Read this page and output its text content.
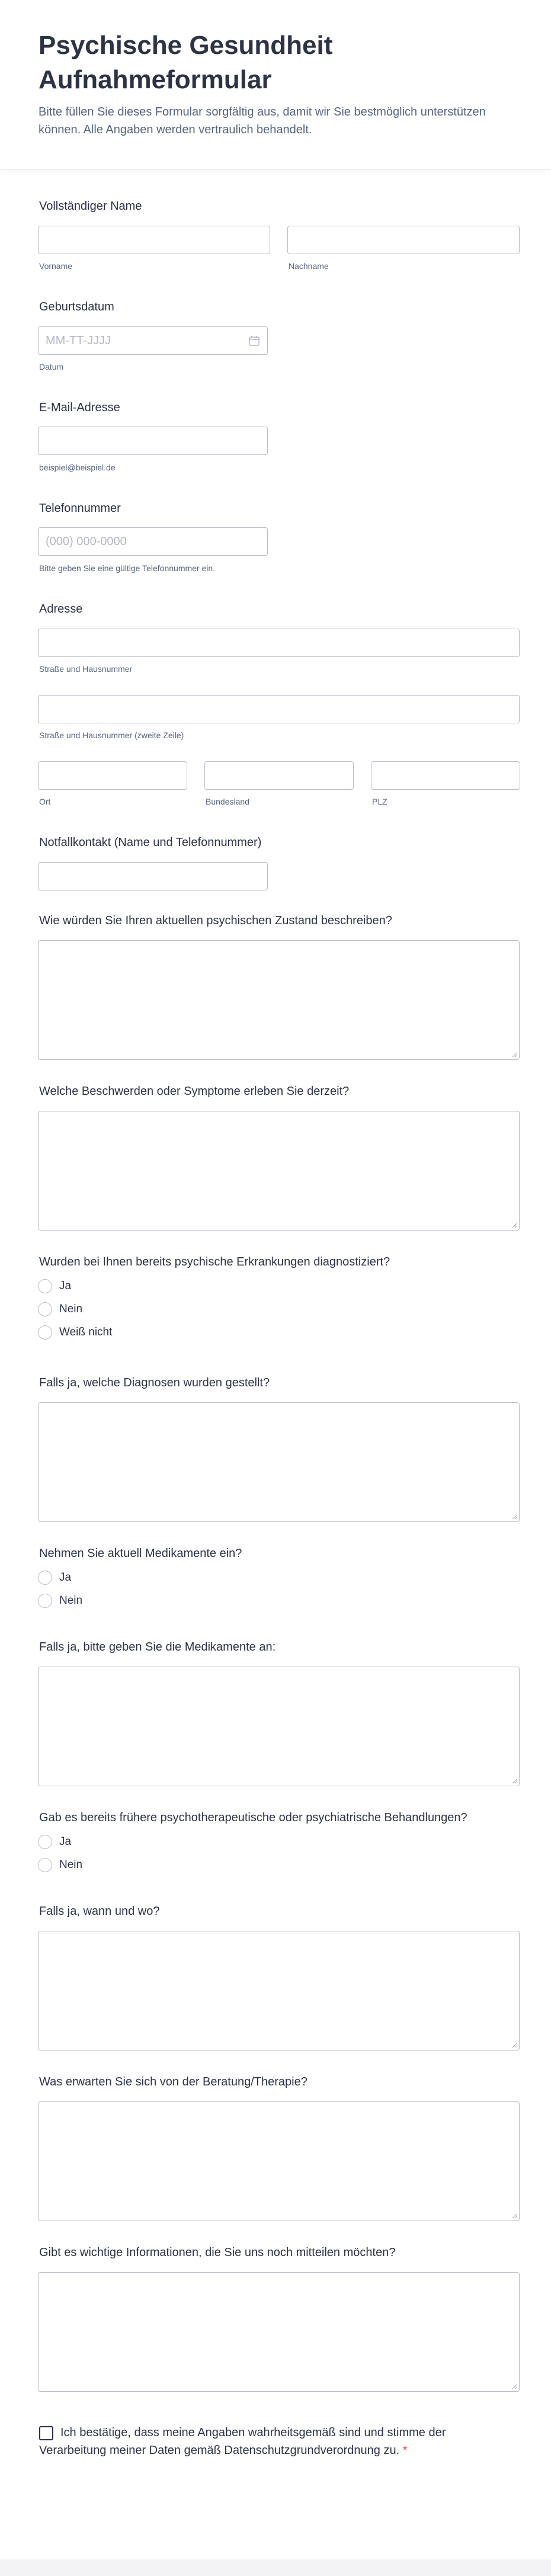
Psychische Gesundheit Aufnahmeformular

Bitte füllen Sie dieses Formular sorgfältig aus, damit wir Sie bestmöglich unterstützen können. Alle Angaben werden vertraulich behandelt.

Vollständiger Name
Vorname	Nachname
Geburtsdatum
MM-TT-JJJJ
Datum
E-Mail-Adresse
beispiel@beispiel.de
Telefonnummer
(000) 000-0000
Bitte geben Sie eine gültige Telefonnummer ein.
Adresse
Straße und Hausnummer
Straße und Hausnummer (zweite Zeile)
Ort	Bundesland	PLZ
Notfallkontakt (Name und Telefonnummer)
Wie würden Sie Ihren aktuellen psychischen Zustand beschreiben?
Welche Beschwerden oder Symptome erleben Sie derzeit?
Wurden bei Ihnen bereits psychische Erkrankungen diagnostiziert?
Ja
Nein
Weiß nicht
Falls ja, welche Diagnosen wurden gestellt?
Nehmen Sie aktuell Medikamente ein?
Ja
Nein
Falls ja, bitte geben Sie die Medikamente an:
Gab es bereits frühere psychotherapeutische oder psychiatrische Behandlungen?
Ja
Nein
Falls ja, wann und wo?
Was erwarten Sie sich von der Beratung/Therapie?
Gibt es wichtige Informationen, die Sie uns noch mitteilen möchten?
Ich bestätige, dass meine Angaben wahrheitsgemäß sind und stimme der Verarbeitung meiner Daten gemäß Datenschutzgrundverordnung zu. *
